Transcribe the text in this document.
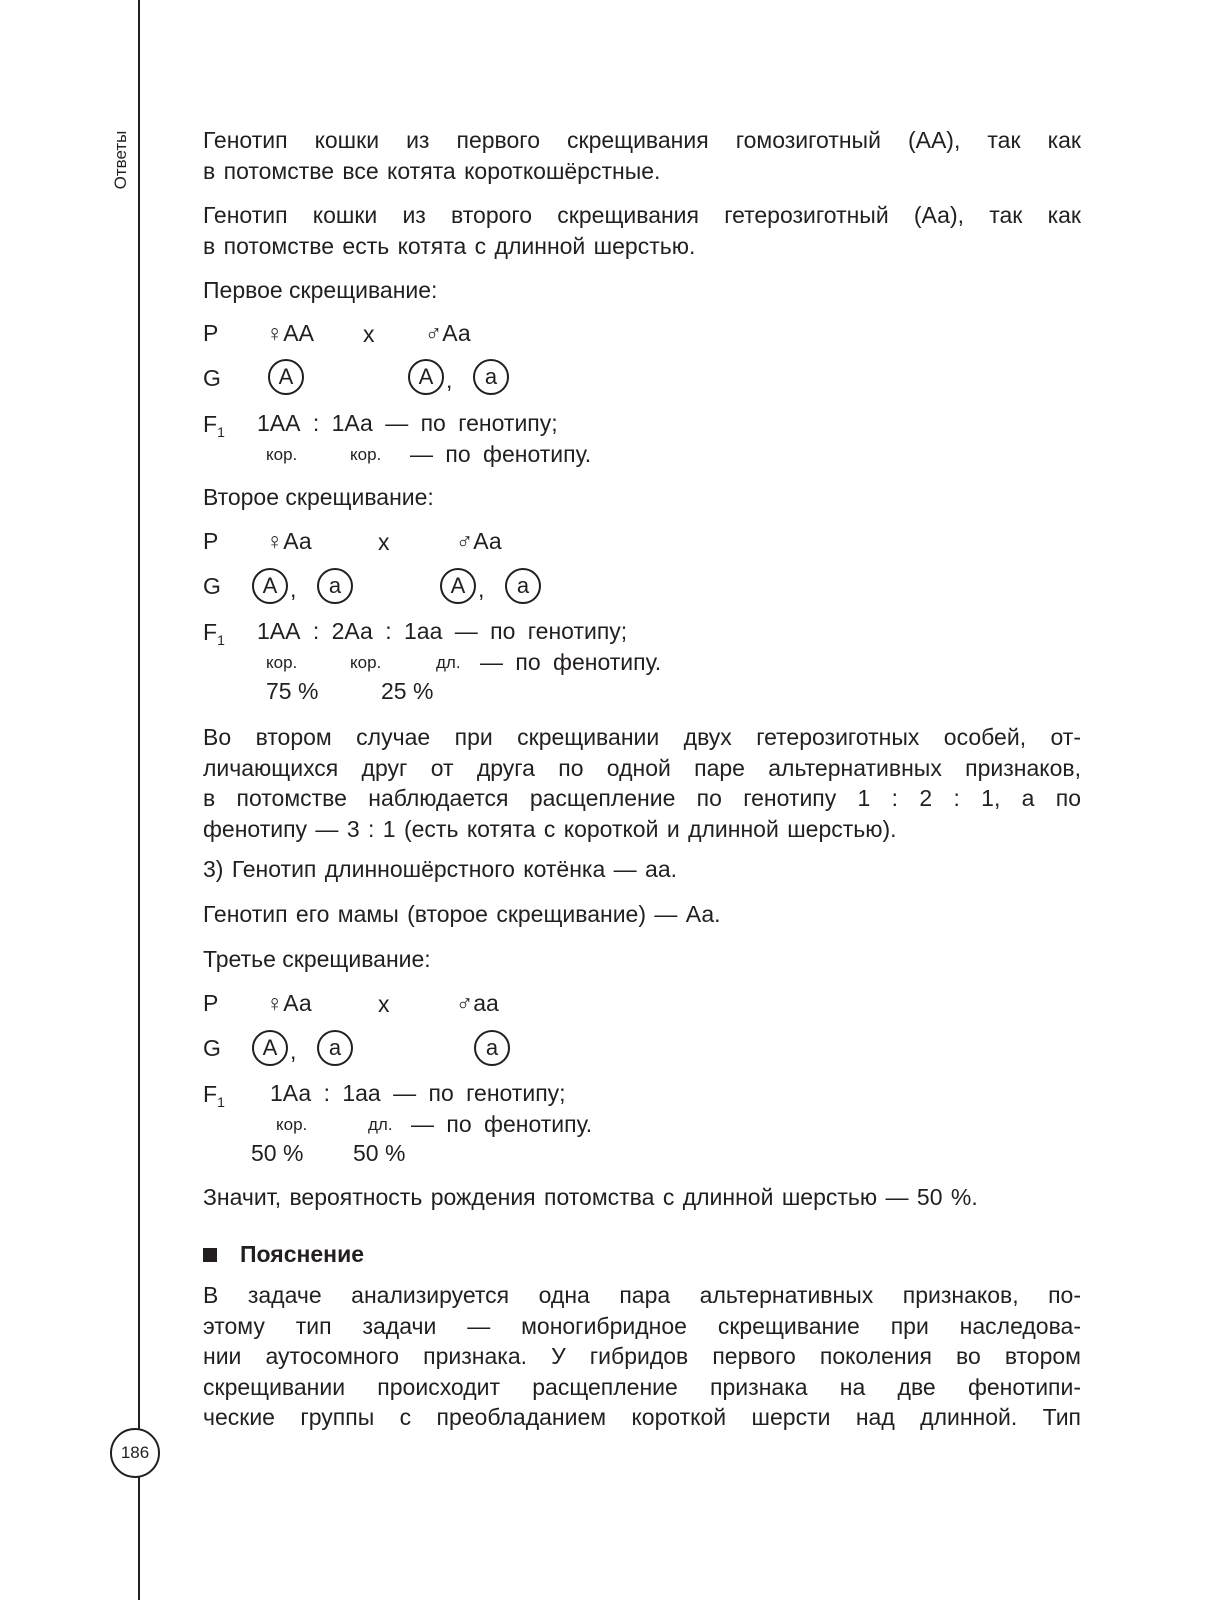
Ответы
186
Генотип кошки из первого скрещивания гомозиготный (АА), так как
в потомстве все котята короткошёрстные.
Генотип кошки из второго скрещивания гетерозиготный (Аа), так как
в потомстве есть котята с длинной шерстью.
Первое скрещивание:
P ♀АА х ♂Аа
G	А	А ,	а
$F_1$ 1АА : 1Аа — по генотипу;
кор.	кор. — по фенотипу.
Второе скрещивание:
P ♀Аа	х	♂Аа
G	А ,	а	А ,	а
$F_1$ 1АА : 2Аа : 1аа — по генотипу;
кор.	кор.	дл. — по фенотипу.
75 %	25 %
Во втором случае при скрещивании двух гетерозиготных особей, от-
личающихся друг от друга по одной паре альтернативных признаков,
в потомстве наблюдается расщепление по генотипу 1 : 2 : 1, а по
фенотипу — 3 : 1 (есть котята с короткой и длинной шерстью).
3) Генотип длинношёрстного котёнка — аа.
Генотип его мамы (второе скрещивание) — Аа.
Третье скрещивание:
P ♀Аа	х	♂аа
G	А ,	а	а
$F_1$ 1Аа : 1аа — по генотипу;
кор.	дл. — по фенотипу.
50 % 50 %
Значит, вероятность рождения потомства с длинной шерстью — 50 %.
Пояснение
В задаче анализируется одна пара альтернативных признаков, по-
этому тип задачи — моногибридное скрещивание при наследова-
нии аутосомного признака. У гибридов первого поколения во втором
скрещивании происходит расщепление признака на две фенотипи-
ческие группы с преобладанием короткой шерсти над длинной. Тип
